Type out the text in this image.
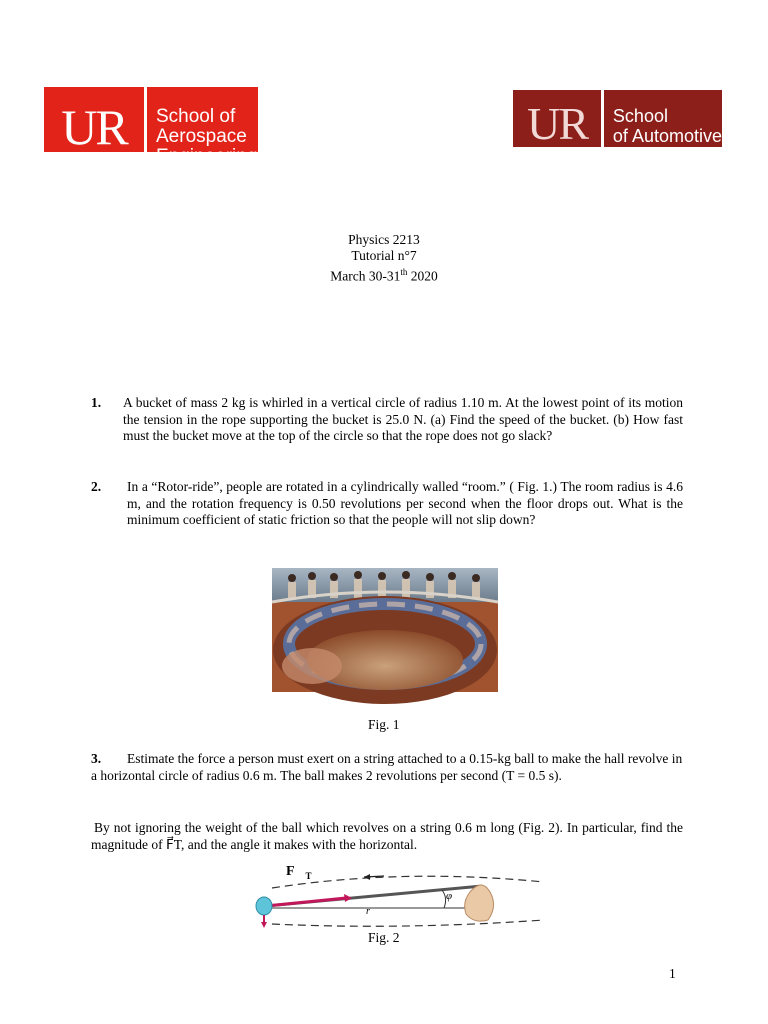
UR	School of
Aerospace
Engineering
UR	School
of Automotive
Physics 2213
Tutorial n°7
March 30-31th 2020
1. A bucket of mass 2 kg is whirled in a vertical circle of radius 1.10 m. At the lowest point of its motion the tension in the rope supporting the bucket is 25.0 N. (a) Find the speed of the bucket. (b) How fast must the bucket move at the top of the circle so that the rope does not go slack?
2. In a “Rotor-ride”, people are rotated in a cylindrically walled “room.” ( Fig. 1.) The room radius is 4.6 m, and the rotation frequency is 0.50 revolutions per second when the floor drops out. What is the minimum coefficient of static friction so that the people will not slip down?
Fig. 1
3.	Estimate the force a person must exert on a string attached to a 0.15-kg ball to make the hall revolve in a horizontal circle of radius 0.6 m. The ball makes 2 revolutions per second (T = 0.5 s).
By not ignoring the weight of the ball which revolves on a string 0.6 m long (Fig. 2). In particular, find the magnitude of F⃗T, and the angle it makes with the horizontal.
$F⃗_T$
φ
r
Fig. 2
1
